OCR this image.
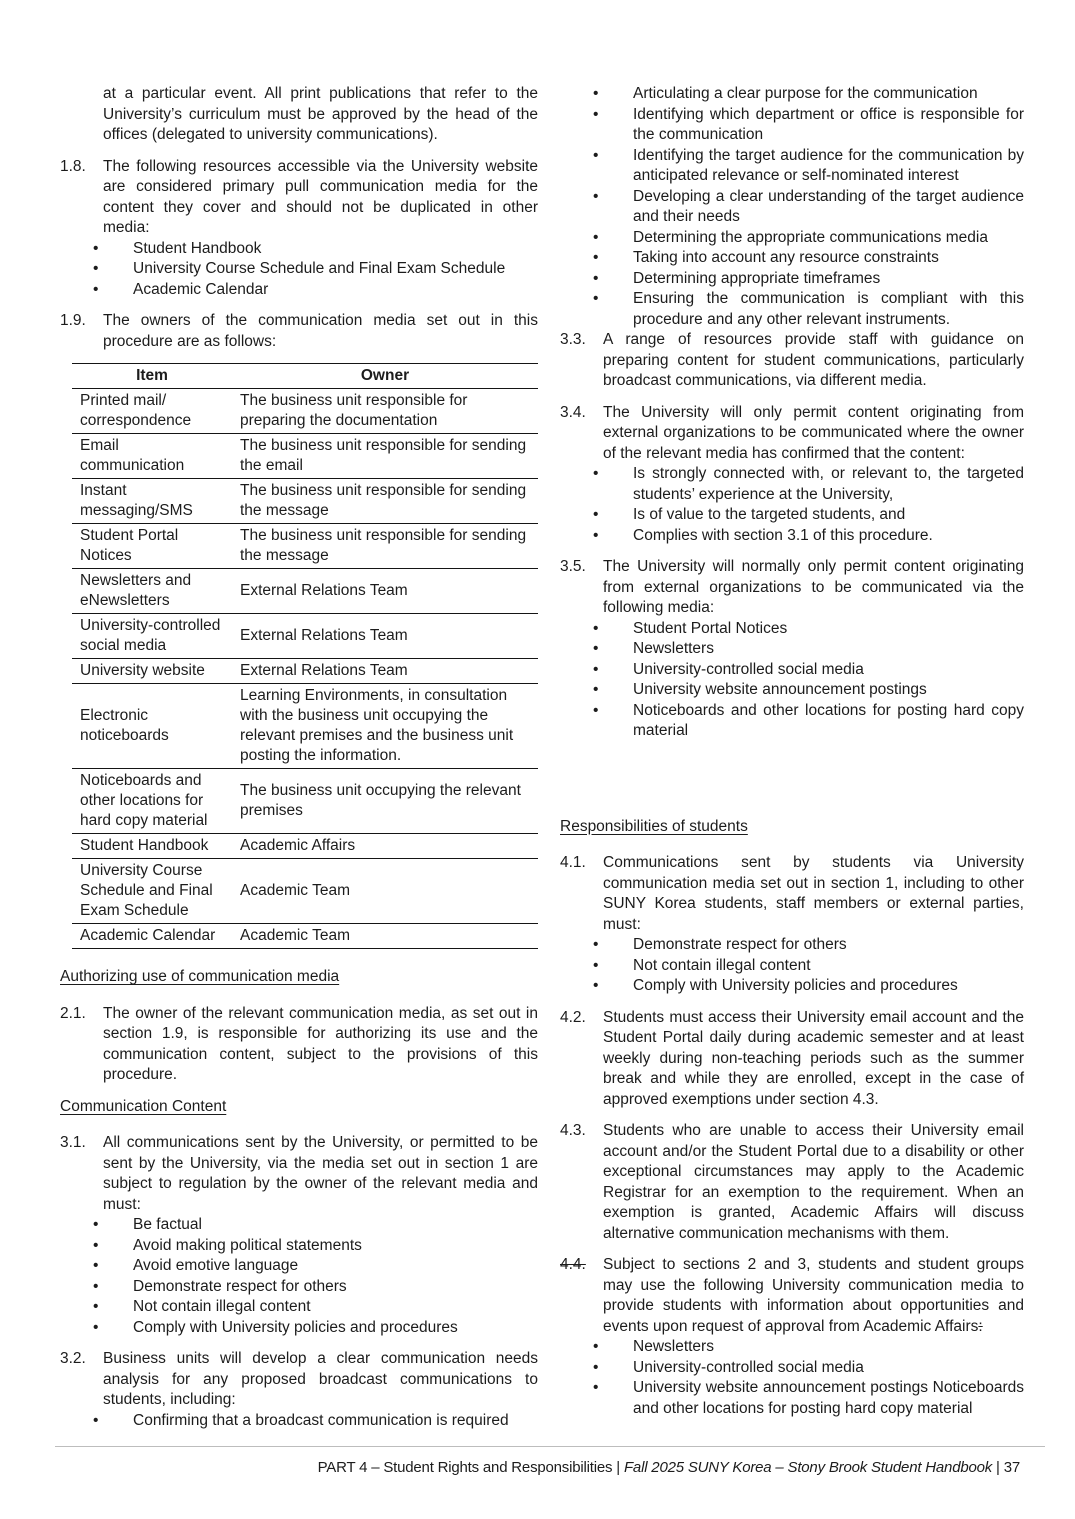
at a particular event. All print publications that refer to the University’s curriculum must be approved by the head of the offices (delegated to university communications).
1.8.	The following resources accessible via the University website are considered primary pull communication media for the content they cover and should not be duplicated in other media:
•	Student Handbook
•	University Course Schedule and Final Exam Schedule
•	Academic Calendar
1.9.	The owners of the communication media set out in this procedure are as follows:
Item	Owner
Printed mail/ correspondence	The business unit responsible for preparing the documentation
Email communication	The business unit responsible for sending the email
Instant messaging/SMS	The business unit responsible for sending the message
Student Portal Notices	The business unit responsible for sending the message
Newsletters and eNewsletters	External Relations Team
University-controlled social media	External Relations Team
University website	External Relations Team
Electronic noticeboards	Learning Environments, in consultation with the business unit occupying the relevant premises and the business unit posting the information.
Noticeboards and other locations for hard copy material	The business unit occupying the relevant premises
Student Handbook	Academic Affairs
University Course Schedule and Final Exam Schedule	Academic Team
Academic Calendar	Academic Team
Authorizing use of communication media
2.1.	The owner of the relevant communication media, as set out in section 1.9, is responsible for authorizing its use and the communication content, subject to the provisions of this procedure.
Communication Content
3.1.	All communications sent by the University, or permitted to be sent by the University, via the media set out in section 1 are subject to regulation by the owner of the relevant media and must:
•	Be factual
•	Avoid making political statements
•	Avoid emotive language
•	Demonstrate respect for others
•	Not contain illegal content
•	Comply with University policies and procedures
3.2.	Business units will develop a clear communication needs analysis for any proposed broadcast communications to students, including:
•	Confirming that a broadcast communication is required
•	Articulating a clear purpose for the communication
•	Identifying which department or office is responsible for the communication
•	Identifying the target audience for the communication by anticipated relevance or self-nominated interest
•	Developing a clear understanding of the target audience and their needs
•	Determining the appropriate communications media
•	Taking into account any resource constraints
•	Determining appropriate timeframes
•	Ensuring the communication is compliant with this procedure and any other relevant instruments.
3.3.	A range of resources provide staff with guidance on preparing content for student communications, particularly broadcast communications, via different media.
3.4.	The University will only permit content originating from external organizations to be communicated where the owner of the relevant media has confirmed that the content:
•	Is strongly connected with, or relevant to, the targeted students’ experience at the University,
•	Is of value to the targeted students, and
•	Complies with section 3.1 of this procedure.
3.5.	The University will normally only permit content originating from external organizations to be communicated via the following media:
•	Student Portal Notices
•	Newsletters
•	University-controlled social media
•	University website announcement postings
•	Noticeboards and other locations for posting hard copy material
Responsibilities of students
4.1.	Communications sent by students via University communication media set out in section 1, including to other SUNY Korea students, staff members or external parties, must:
•	Demonstrate respect for others
•	Not contain illegal content
•	Comply with University policies and procedures
4.2.	Students must access their University email account and the Student Portal daily during academic semester and at least weekly during non-teaching periods such as the summer break and while they are enrolled, except in the case of approved exemptions under section 4.3.
4.3.	Students who are unable to access their University email account and/or the Student Portal due to a disability or other exceptional circumstances may apply to the Academic Registrar for an exemption to the requirement. When an exemption is granted, Academic Affairs will discuss alternative communication mechanisms with them.
4.4.	Subject to sections 2 and 3, students and student groups may use the following University communication media to provide students with information about opportunities and events upon request of approval from Academic Affairs:
•	Newsletters
•	University-controlled social media
•	University website announcement postings Noticeboards and other locations for posting hard copy material
PART 4 – Student Rights and Responsibilities | Fall 2025 SUNY Korea – Stony Brook Student Handbook | 37
